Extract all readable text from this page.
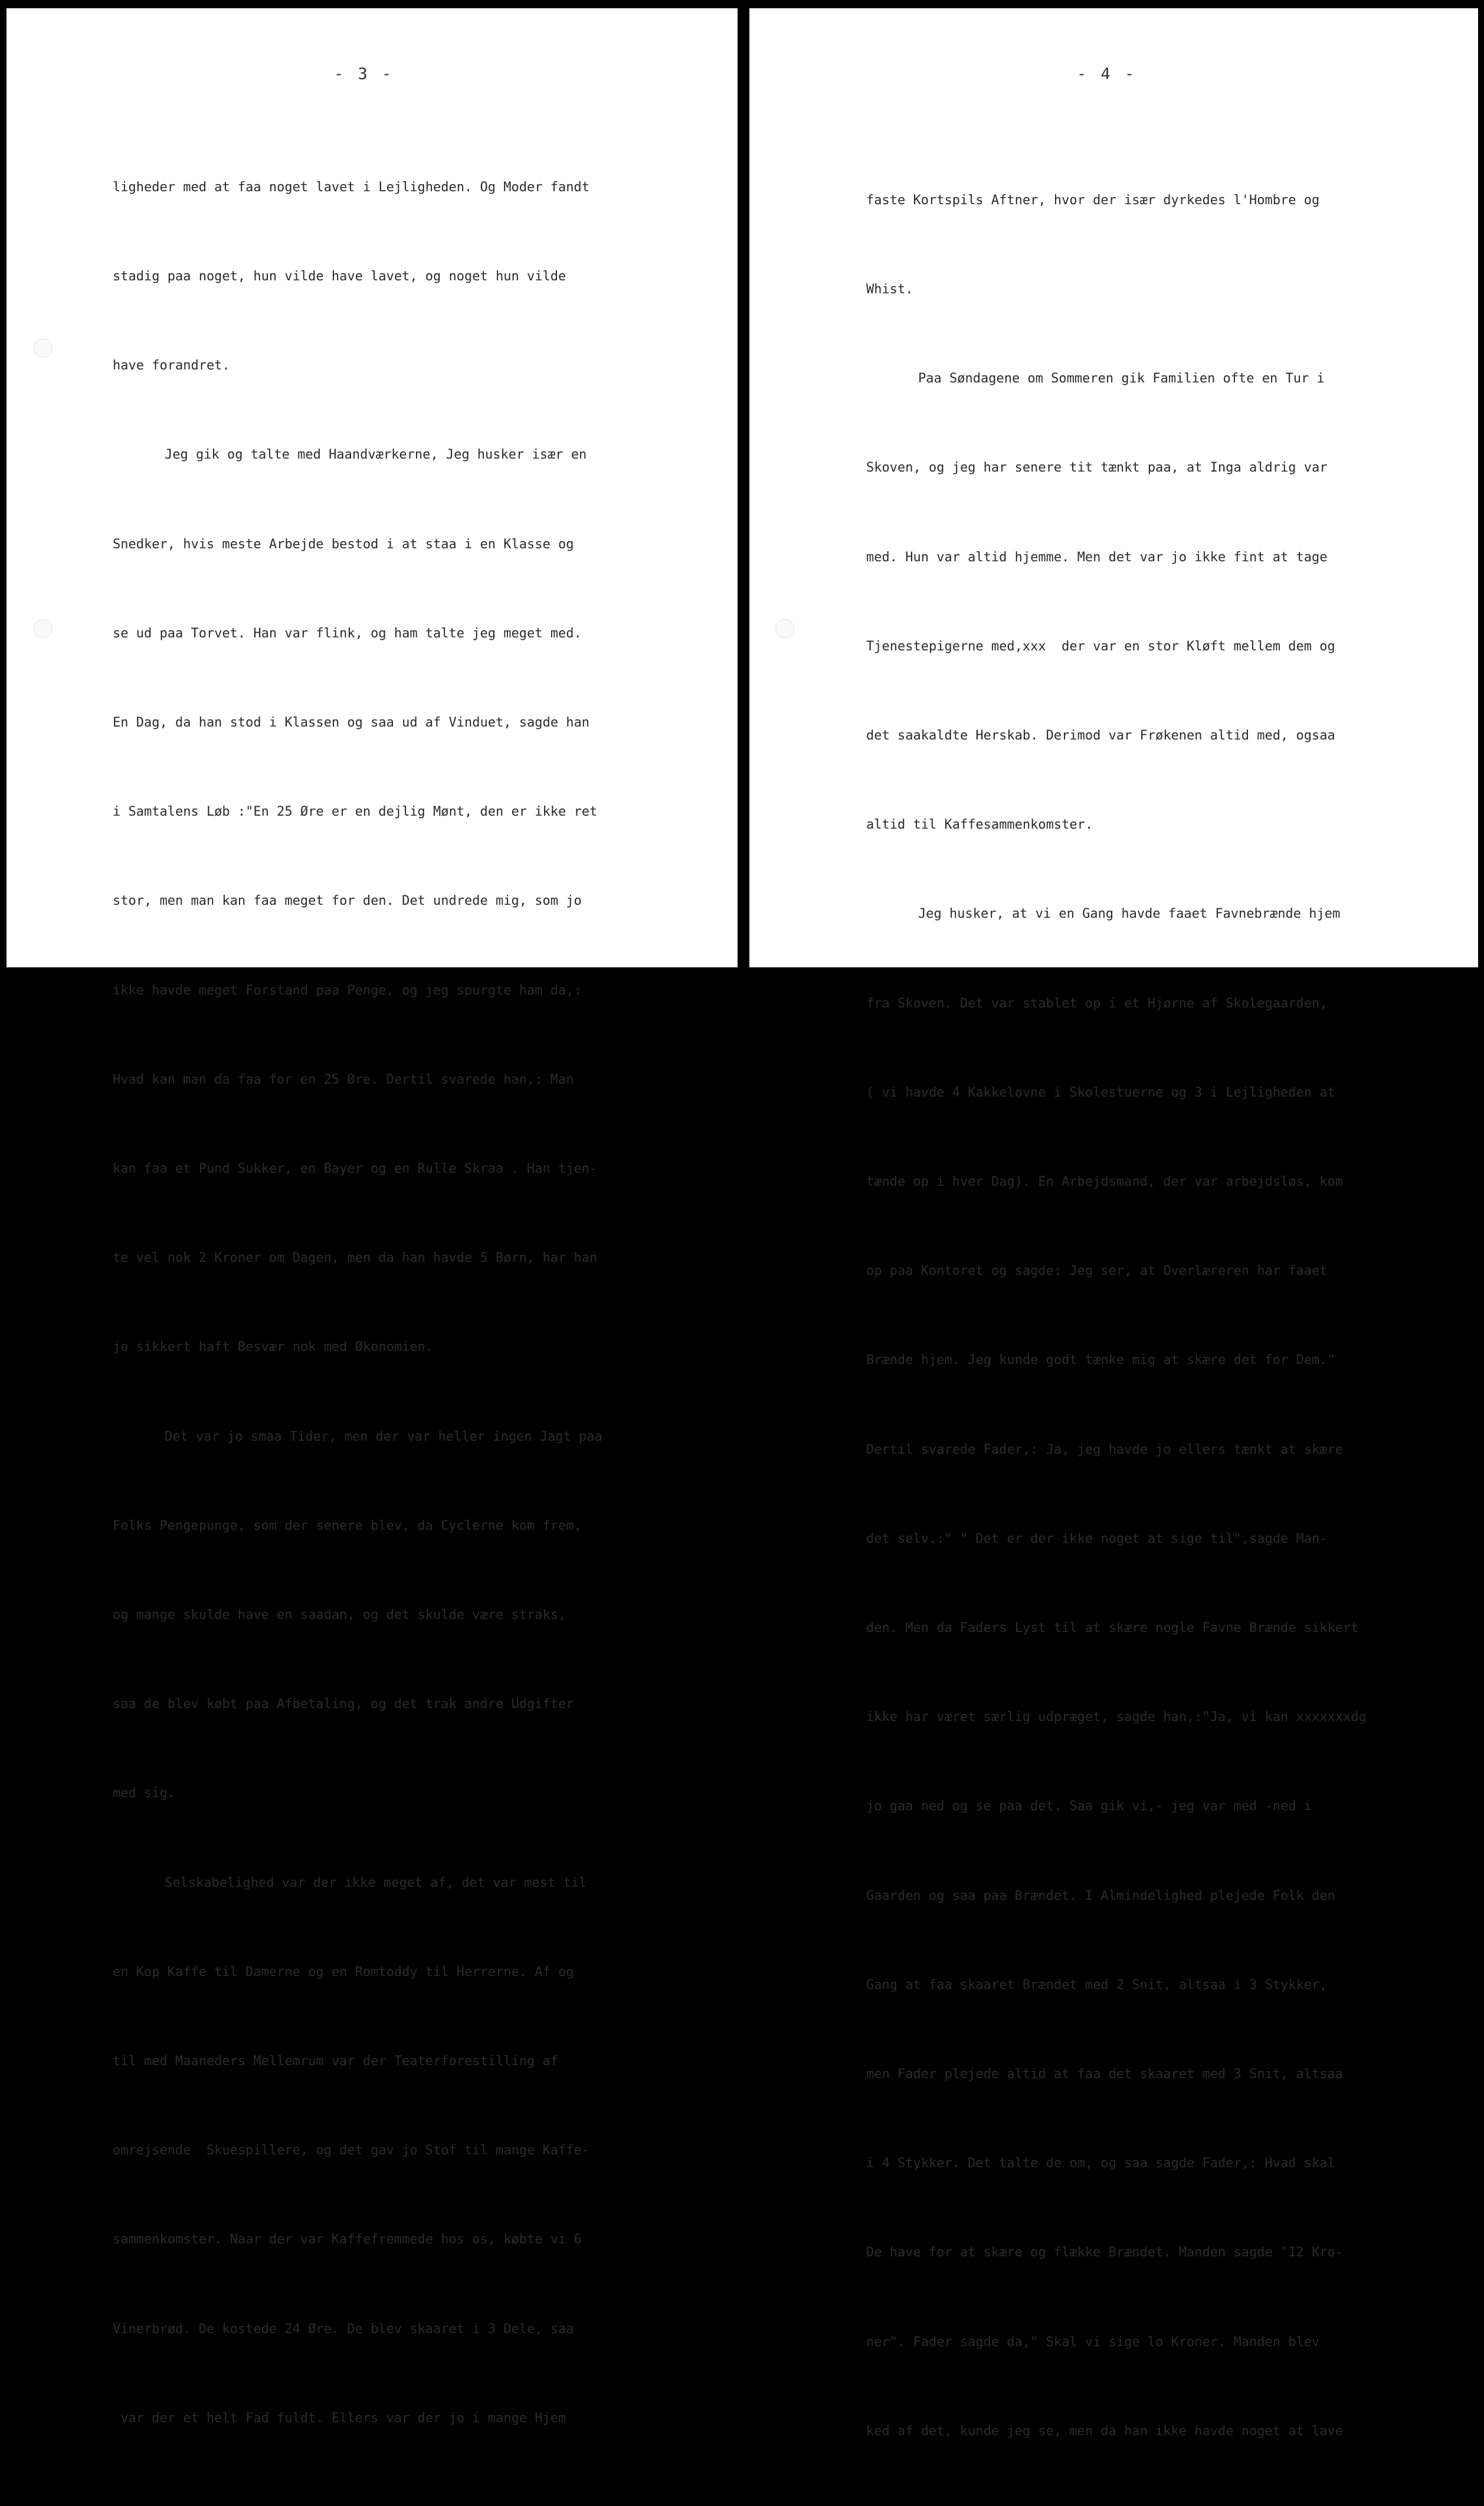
- 3 -

ligheder med at faa noget lavet i Lejligheden. Og Moder fandt

stadig paa noget, hun vilde have lavet, og noget hun vilde

have forandret.

Jeg gik og talte med Haandværkerne, Jeg husker især en

Snedker, hvis meste Arbejde bestod i at staa i en Klasse og

se ud paa Torvet. Han var flink, og ham talte jeg meget med.

En Dag, da han stod i Klassen og saa ud af Vinduet, sagde han

i Samtalens Løb :"En 25 Øre er en dejlig Mønt, den er ikke ret

stor, men man kan faa meget for den. Det undrede mig, som jo

ikke havde meget Forstand paa Penge, og jeg spurgte ham da,:

Hvad kan man da faa for en 25 Øre. Dertil svarede han,: Man

kan faa et Pund Sukker, en Bayer og en Rulle Skraa . Han tjen-

te vel nok 2 Kroner om Dagen, men da han havde 5 Børn, har han

jo sikkert haft Besvær nok med Økonomien.

Det var jo smaa Tider, men der var heller ingen Jagt paa

Folks Pengepunge, som der senere blev, da Cyclerne kom frem,

og mange skulde have en saadan, og det skulde være straks,

saa de blev købt paa Afbetaling, og det trak andre Udgifter

med sig.

Selskabelighed var der ikke meget af, det var mest til

en Kop Kaffe til Damerne og en Romtoddy til Herrerne. Af og

til med Maaneders Mellemrum var der Teaterforestilling af

omrejsende  Skuespillere, og det gav jo Stof til mange Kaffe-

sammenkomster. Naar der var Kaffefremmede hos os, købte vi 6

Vinerbrød. De kostede 24 Øre. De blev skaaret i 3 Dele, saa

var der et helt Fad fuldt. Ellers var der jo i mange Hjem

- 4 -

faste Kortspils Aftner, hvor der især dyrkedes l'Hombre og

Whist.

Paa Søndagene om Sommeren gik Familien ofte en Tur i

Skoven, og jeg har senere tit tænkt paa, at Inga aldrig var

med. Hun var altid hjemme. Men det var jo ikke fint at tage

Tjenestepigerne med,xxx  der var en stor Kløft mellem dem og

det saakaldte Herskab. Derimod var Frøkenen altid med, ogsaa

altid til Kaffesammenkomster.

Jeg husker, at vi en Gang havde faaet Favnebrænde hjem

fra Skoven. Det var stablet op i et Hjørne af Skolegaarden,

( vi havde 4 Kakkelovne i Skolestuerne og 3 i Lejligheden at

tænde op i hver Dag). En Arbejdsmand, der var arbejdsløs, kom

op paa Kontoret og sagde: Jeg ser, at Overlæreren har faaet

Brænde hjem. Jeg kunde godt tænke mig at skære det for Dem."

Dertil svarede Fader,: Ja, jeg havde jo ellers tænkt at skære

det selv.:" " Det er der ikke noget at sige til",sagde Man-

den. Men da Faders Lyst til at skære nogle Favne Brænde sikkert

ikke har været særlig udpræget, sagde han,:"Ja, vi kan xxxxxxxdg

jo gaa ned og se paa det. Saa gik vi,- jeg var med -ned i

Gaarden og saa paa Brændet. I Almindelighed plejede Folk den

Gang at faa skaaret Brændet med 2 Snit, altsaa i 3 Stykker,

men Fader plejede altid at faa det skaaret med 3 Snit, altsaa

i 4 Stykker. Det talte de om, og saa sagde Fader,: Hvad skal

De have for at skære og flække Brændet. Manden sagde "12 Kro-

ner". Fader sagde da," Skal vi sige lo Kroner. Manden blev

ked af det, kunde jeg se, men da han ikke havde noget at lave
